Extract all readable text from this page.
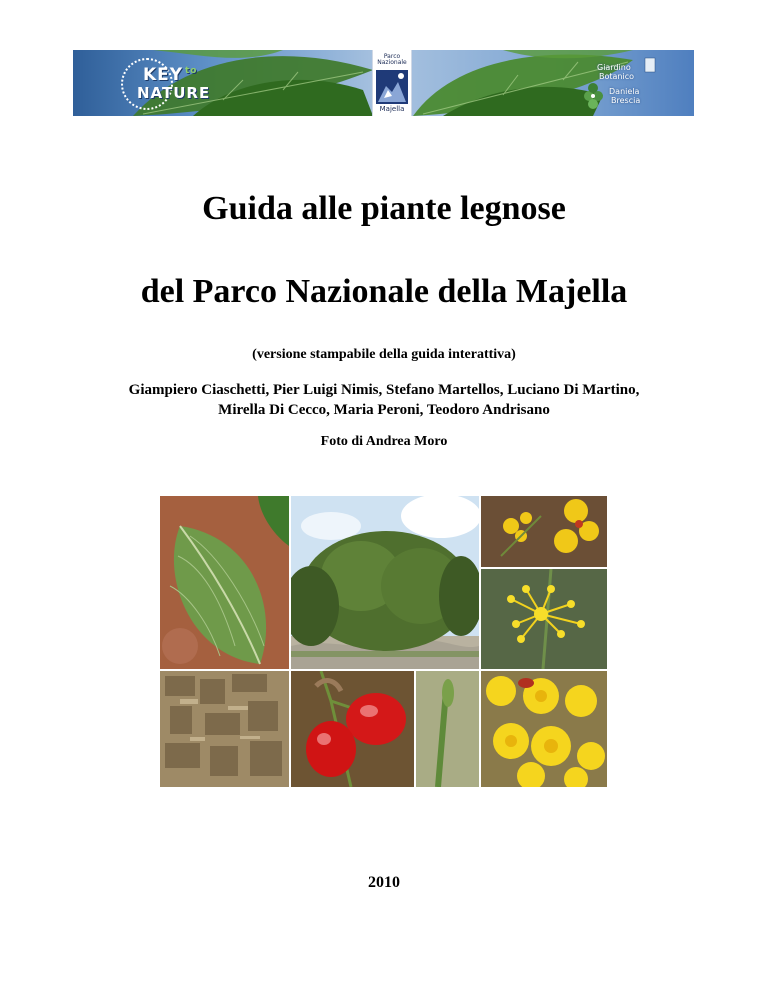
KEY
NATURE
to
Parco
Nazionale
Majella
Giardino
Botanico
Daniela
Brescia
Guida alle piante legnose
del Parco Nazionale della Majella

(versione stampabile della guida interattiva)

Giampiero Ciaschetti, Pier Luigi Nimis, Stefano Martellos, Luciano Di Martino,
Mirella Di Cecco, Maria Peroni, Teodoro Andrisano

Foto di Andrea Moro

2010
